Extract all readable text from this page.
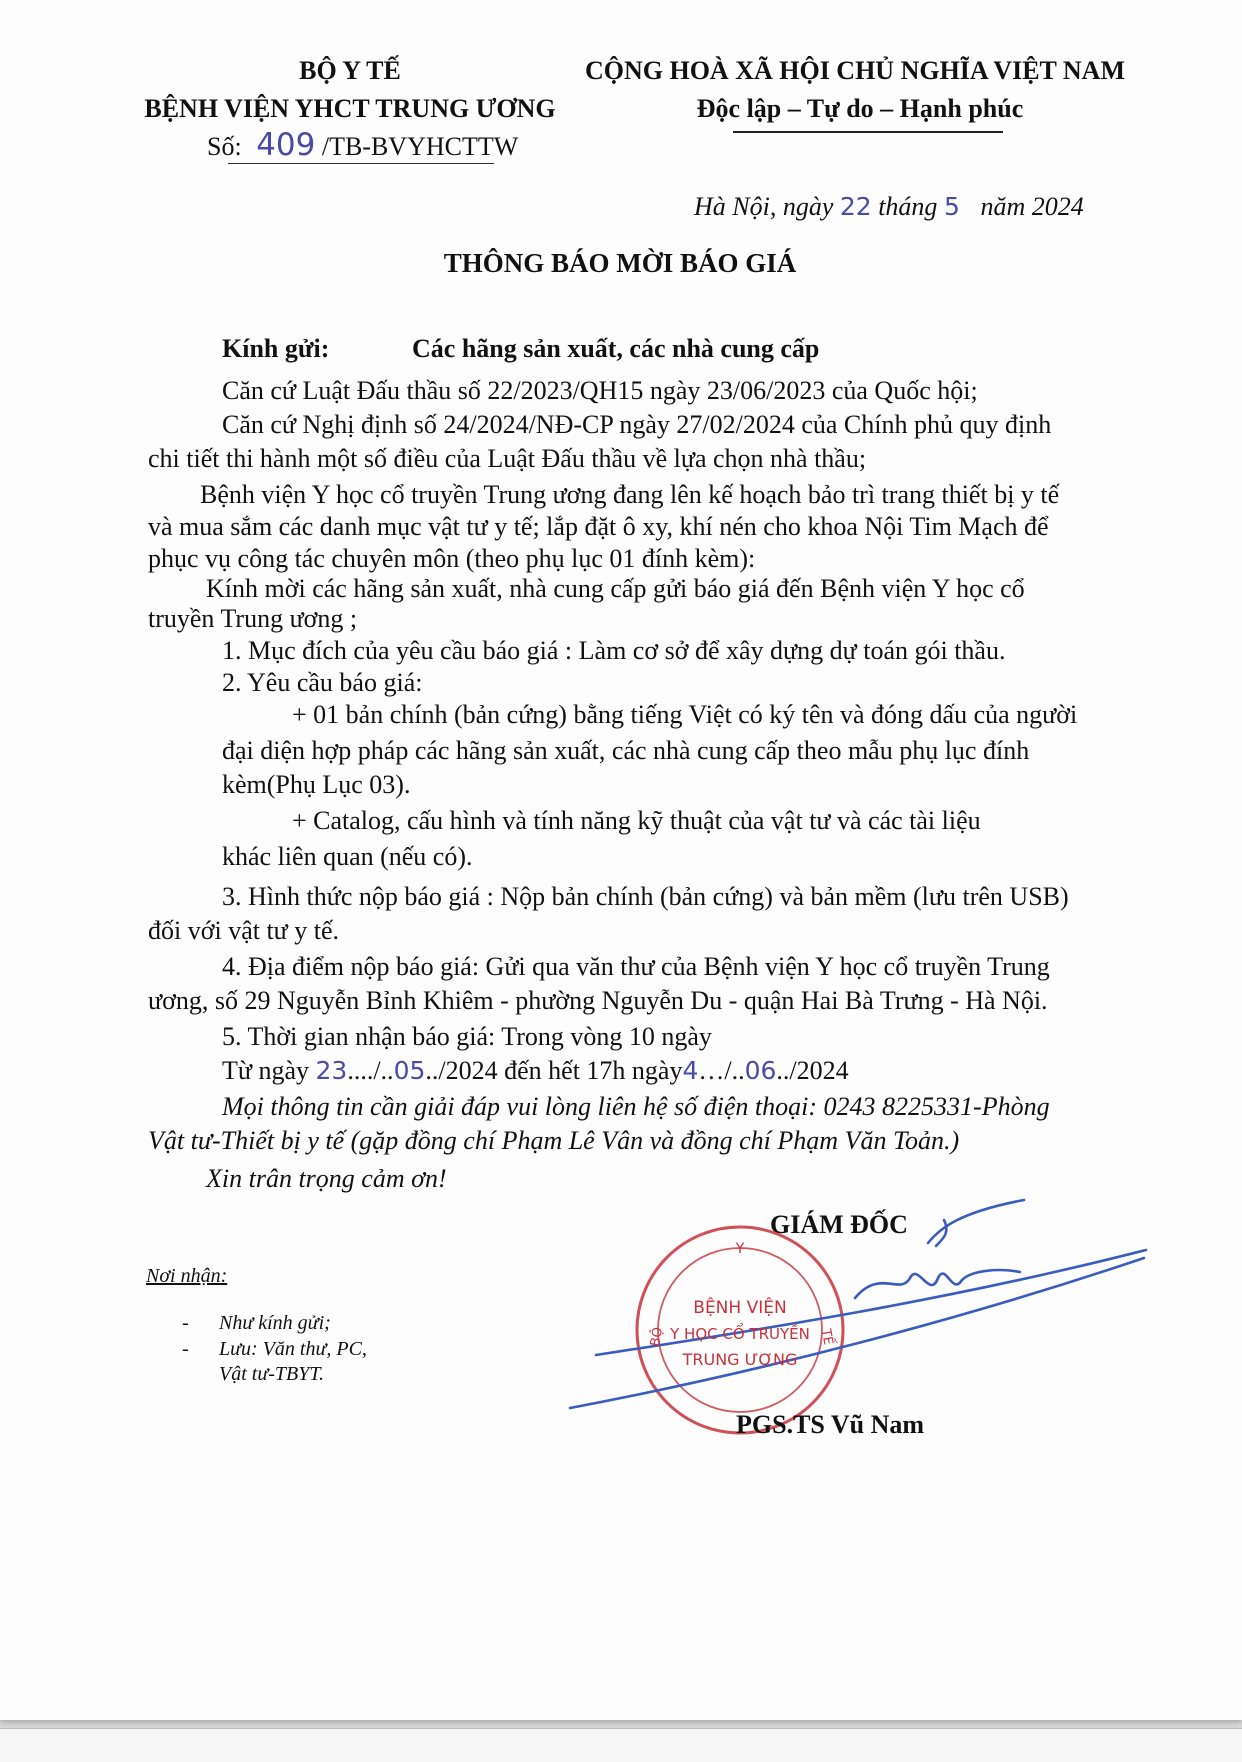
BỘ Y TẾ
BỆNH VIỆN YHCT TRUNG ƯƠNG
Số: 409 /TB-BVYHCTTW
CỘNG HOÀ XÃ HỘI CHỦ NGHĨA VIỆT NAM
Độc lập – Tự do – Hạnh phúc
Hà Nội, ngày 22 tháng 5 năm 2024
THÔNG BÁO MỜI BÁO GIÁ
Kính gửi:	Các hãng sản xuất, các nhà cung cấp
Căn cứ Luật Đấu thầu số 22/2023/QH15 ngày 23/06/2023 của Quốc hội;
Căn cứ Nghị định số 24/2024/NĐ-CP ngày 27/02/2024 của Chính phủ quy định
chi tiết thi hành một số điều của Luật Đấu thầu về lựa chọn nhà thầu;
Bệnh viện Y học cổ truyền Trung ương đang lên kế hoạch bảo trì trang thiết bị y tế
và mua sắm các danh mục vật tư y tế; lắp đặt ô xy, khí nén cho khoa Nội Tim Mạch để
phục vụ công tác chuyên môn (theo phụ lục 01 đính kèm):
Kính mời các hãng sản xuất, nhà cung cấp gửi báo giá đến Bệnh viện Y học cổ
truyền Trung ương ;
1. Mục đích của yêu cầu báo giá : Làm cơ sở để xây dựng dự toán gói thầu.
2. Yêu cầu báo giá:
+ 01 bản chính (bản cứng) bằng tiếng Việt có ký tên và đóng dấu của người
đại diện hợp pháp các hãng sản xuất, các nhà cung cấp theo mẫu phụ lục đính
kèm(Phụ Lục 03).
+ Catalog, cấu hình và tính năng kỹ thuật của vật tư và các tài liệu
khác liên quan (nếu có).
3. Hình thức nộp báo giá : Nộp bản chính (bản cứng) và bản mềm (lưu trên USB)
đối với vật tư y tế.
4. Địa điểm nộp báo giá: Gửi qua văn thư của Bệnh viện Y học cổ truyền Trung
ương, số 29 Nguyễn Bỉnh Khiêm - phường Nguyễn Du - quận Hai Bà Trưng - Hà Nội.
5. Thời gian nhận báo giá: Trong vòng 10 ngày
Từ ngày 23..../..05../2024 đến hết 17h ngày4…/..06../2024
Mọi thông tin cần giải đáp vui lòng liên hệ số điện thoại: 0243 8225331-Phòng
Vật tư-Thiết bị y tế (gặp đồng chí Phạm Lê Vân và đồng chí Phạm Văn Toản.)
Xin trân trọng cảm ơn!
GIÁM ĐỐC
Nơi nhận:
- Như kính gửi;
- Lưu: Văn thư, PC,
Vật tư-TBYT.
Y
BỘ	TẾ
BỆNH VIỆN
Y HỌC CỔ TRUYỀN
TRUNG ƯƠNG
PGS.TS Vũ Nam
